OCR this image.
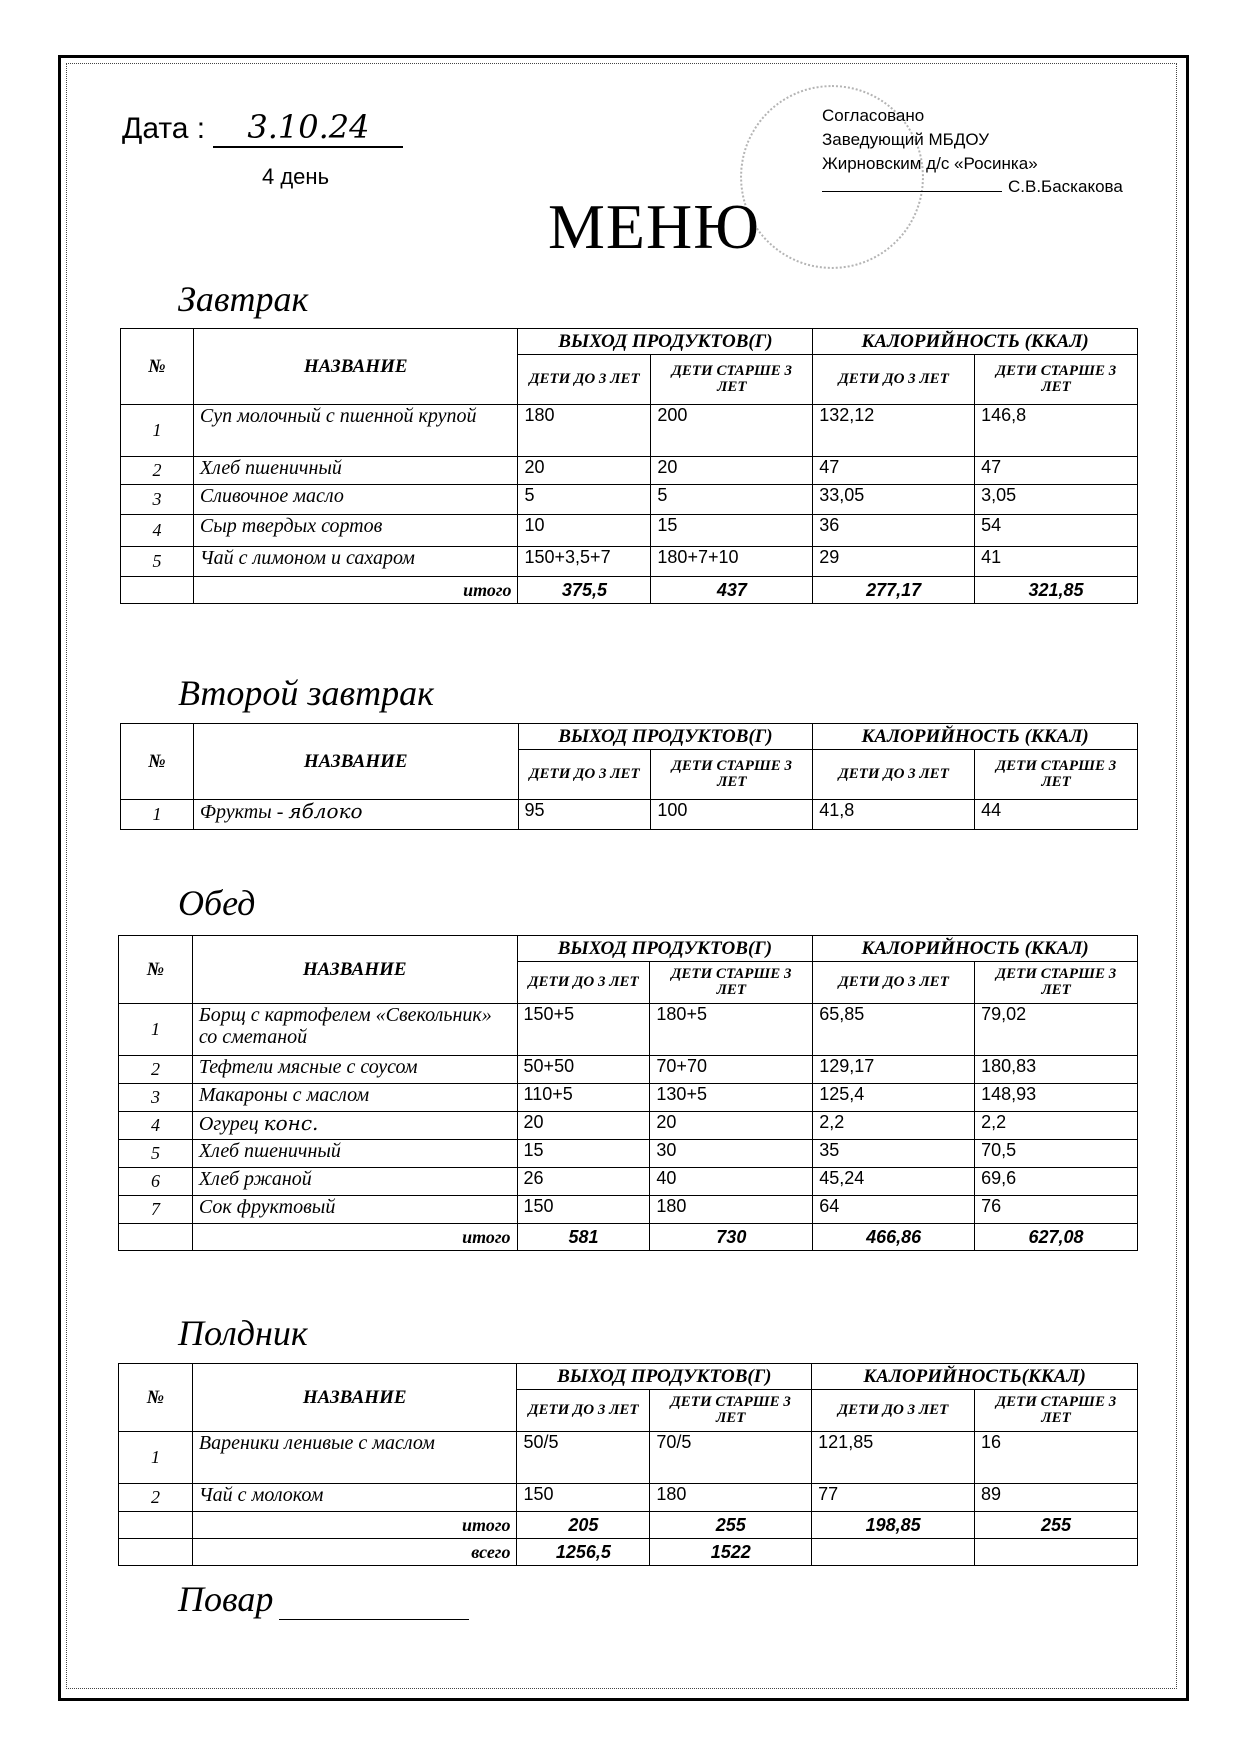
Дата : 3.10.24
4 день
Согласовано
Заведующий МБДОУ
Жирновским д/с «Росинка»
С.В.Баскакова
МЕНЮ
Завтрак
№	НАЗВАНИЕ	ВЫХОД ПРОДУКТОВ(Г)		КАЛОРИЙНОСТЬ (ККАЛ)	
		ДЕТИ ДО 3 ЛЕТ	ДЕТИ СТАРШЕ 3 ЛЕТ	ДЕТИ ДО 3 ЛЕТ	ДЕТИ СТАРШЕ 3 ЛЕТ
1	Суп молочный с пшенной крупой	180	200	132,12	146,8
2	Хлеб пшеничный	20	20	47	47
3	Сливочное масло	5	5	33,05	3,05
4	Сыр твердых сортов	10	15	36	54
5	Чай с лимоном и сахаром	150+3,5+7	180+7+10	29	41
	итого	375,5	437	277,17	321,85
Второй завтрак
№	НАЗВАНИЕ	ВЫХОД ПРОДУКТОВ(Г)		КАЛОРИЙНОСТЬ (ККАЛ)	
		ДЕТИ ДО 3 ЛЕТ	ДЕТИ СТАРШЕ 3 ЛЕТ	ДЕТИ ДО 3 ЛЕТ	ДЕТИ СТАРШЕ 3 ЛЕТ
1	Фрукты - яблоко	95	100	41,8	44
Обед
№	НАЗВАНИЕ	ВЫХОД ПРОДУКТОВ(Г)		КАЛОРИЙНОСТЬ (ККАЛ)	
		ДЕТИ ДО 3 ЛЕТ	ДЕТИ СТАРШЕ 3 ЛЕТ	ДЕТИ ДО 3 ЛЕТ	ДЕТИ СТАРШЕ 3 ЛЕТ
1	Борщ с картофелем «Свекольник» со сметаной	150+5	180+5	65,85	79,02
2	Тефтели мясные с соусом	50+50	70+70	129,17	180,83
3	Макароны с маслом	110+5	130+5	125,4	148,93
4	Огурец конс.	20	20	2,2	2,2
5	Хлеб пшеничный	15	30	35	70,5
6	Хлеб ржаной	26	40	45,24	69,6
7	Сок фруктовый	150	180	64	76
	итого	581	730	466,86	627,08
Полдник
№	НАЗВАНИЕ	ВЫХОД ПРОДУКТОВ(Г)		КАЛОРИЙНОСТЬ(ККАЛ)	
		ДЕТИ ДО 3 ЛЕТ	ДЕТИ СТАРШЕ 3 ЛЕТ	ДЕТИ ДО 3 ЛЕТ	ДЕТИ СТАРШЕ 3 ЛЕТ
1	Вареники ленивые с маслом	50/5	70/5	121,85	16
2	Чай с молоком	150	180	77	89
	итого	205	255	198,85	255
	всего	1256,5	1522		
Повар
